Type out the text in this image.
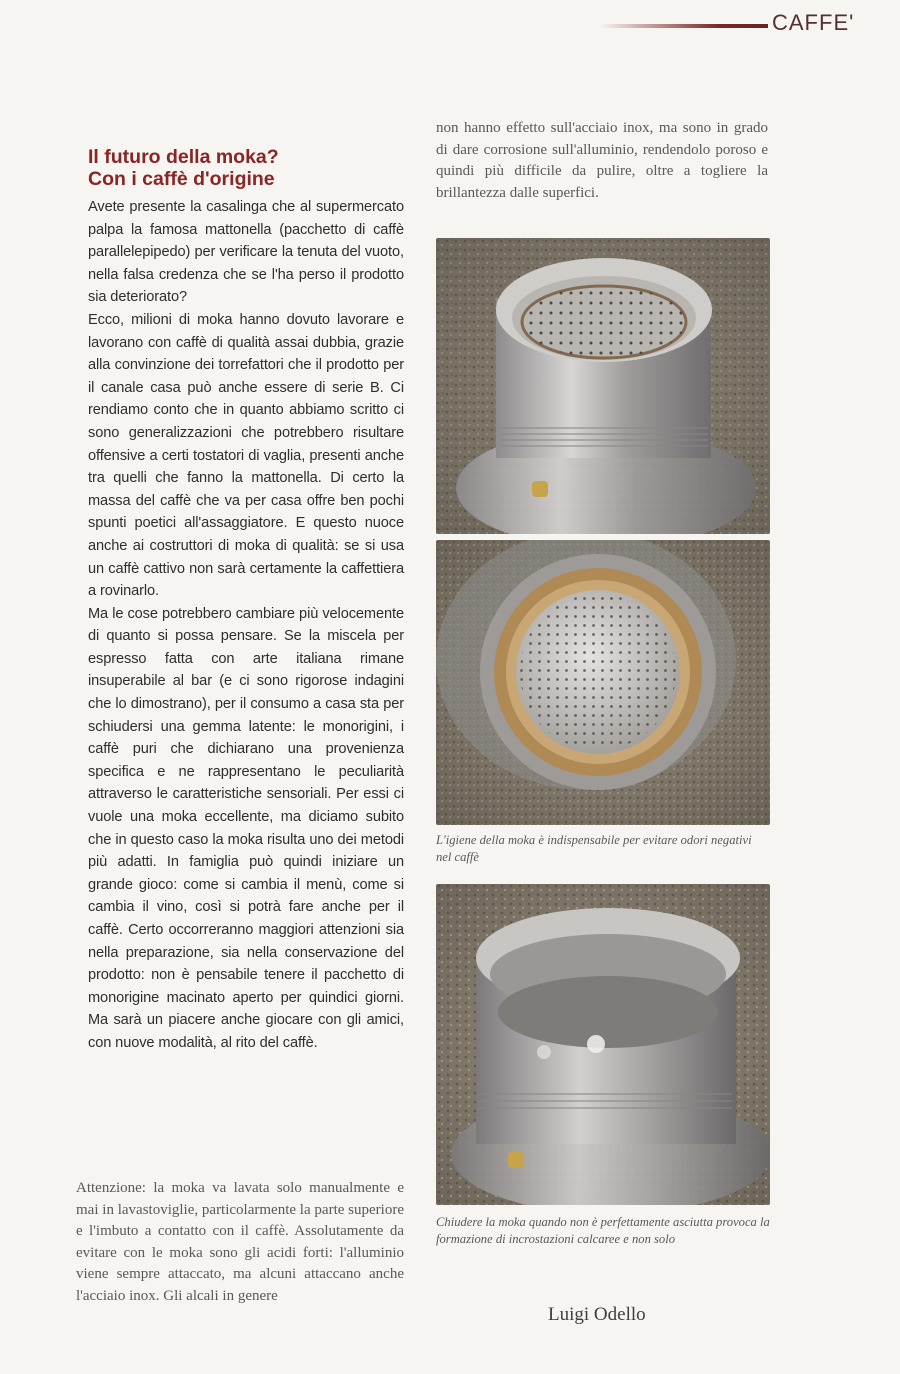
CAFFE'
Il futuro della moka?
Con i caffè d'origine

Avete presente la casalinga che al supermercato palpa la famosa mattonella (pacchetto di caffè parallelepipedo) per verificare la tenuta del vuoto, nella falsa credenza che se l'ha perso il prodotto sia deteriorato?

Ecco, milioni di moka hanno dovuto lavorare e lavorano con caffè di qualità assai dubbia, grazie alla convinzione dei torrefattori che il prodotto per il canale casa può anche essere di serie B. Ci rendiamo conto che in quanto abbiamo scritto ci sono generalizzazioni che potrebbero risultare offensive a certi tostatori di vaglia, presenti anche tra quelli che fanno la mattonella. Di certo la massa del caffè che va per casa offre ben pochi spunti poetici all'assaggiatore. E questo nuoce anche ai costruttori di moka di qualità: se si usa un caffè cattivo non sarà certamente la caffettiera a rovinarlo.

Ma le cose potrebbero cambiare più velocemente di quanto si possa pensare. Se la miscela per espresso fatta con arte italiana rimane insuperabile al bar (e ci sono rigorose indagini che lo dimostrano), per il consumo a casa sta per schiudersi una gemma latente: le monorigini, i caffè puri che dichiarano una provenienza specifica e ne rappresentano le peculiarità attraverso le caratteristiche sensoriali. Per essi ci vuole una moka eccellente, ma diciamo subito che in questo caso la moka risulta uno dei metodi più adatti. In famiglia può quindi iniziare un grande gioco: come si cambia il menù, come si cambia il vino, così si potrà fare anche per il caffè. Certo occorreranno maggiori attenzioni sia nella preparazione, sia nella conservazione del prodotto: non è pensabile tenere il pacchetto di monorigine macinato aperto per quindici giorni. Ma sarà un piacere anche giocare con gli amici, con nuove modalità, al rito del caffè.

Attenzione: la moka va lavata solo manualmente e mai in lavastoviglie, particolarmente la parte superiore e l'imbuto a contatto con il caffè. Assolutamente da evitare con le moka sono gli acidi forti: l'alluminio viene sempre attaccato, ma alcuni attaccano anche l'acciaio inox. Gli alcali in genere

non hanno effetto sull'acciaio inox, ma sono in grado di dare corrosione sull'alluminio, rendendolo poroso e quindi più difficile da pulire, oltre a togliere la brillantezza dalle superfici.

L'igiene della moka è indispensabile per evitare odori negativi nel caffè

Chiudere la moka quando non è perfettamente asciutta provoca la formazione di incrostazioni calcaree e non solo

Luigi Odello
